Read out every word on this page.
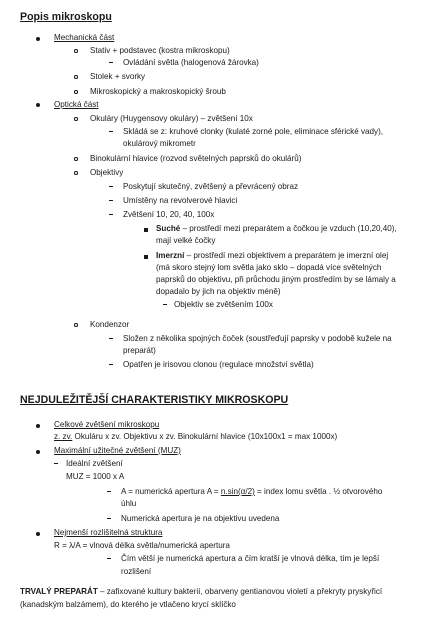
Popis mikroskopu
Mechanická část
Stativ + podstavec (kostra mikroskopu)
Ovládání světla (halogenová žárovka)
Stolek + svorky
Mikroskopický a makroskopický šroub
Optická část
Okuláry (Huygensovy okuláry) – zvětšení 10x
Skládá se z: kruhové clonky (kulaté zorné pole, eliminace sférické vady),
okulárový mikrometr
Binokulární hlavice (rozvod světelných paprsků do okulárů)
Objektivy
Poskytují skutečný, zvětšený a převrácený obraz
Umístěny na revolverové hlavici
Zvětšení 10, 20, 40, 100x
Suché – prostředí mezi preparátem a čočkou je vzduch (10,20,40),
mají velké čočky
Imerzní – prostředí mezi objektivem a preparátem je imerzní olej
(má skoro stejný lom světla jako sklo – dopadá více světelných
paprsků do objektivu, při průchodu jiným prostředím by se lámaly a
dopadalo by jich na objektiv méně)
Objektiv se zvětšením 100x
Kondenzor
Složen z několika spojných čoček (soustřeďují paprsky v podobě kužele na
preparát)
Opatřen je irisovou clonou (regulace množství světla)
NEJDULEŽITĚJŠÍ CHARAKTERISTIKY MIKROSKOPU
Celkové zvětšení mikroskopu
z. zv. Okuláru x zv. Objektivu x zv. Binokulární hlavice (10x100x1 = max 1000x)
Maximální užitečné zvětšení (MUZ)
Ideální zvětšení
MUZ = 1000 x A
A = numerická apertura A = n.sin(α/2) = index lomu světla . ½ otvorového
úhlu
Numerická apertura je na objektivu uvedena
Nejmenší rozlišitelná struktura
R = λ/A = vlnová délka světla/numerická apertura
Čím větší je numerická apertura a čím kratší je vlnová délka, tím je lepší
rozlišení
TRVALÝ PREPARÁT – zafixované kultury bakterií, obarveny gentianovou violetí a překryty pryskyřicí
(kanadským balzámem), do kterého je vtlačeno krycí sklíčko
